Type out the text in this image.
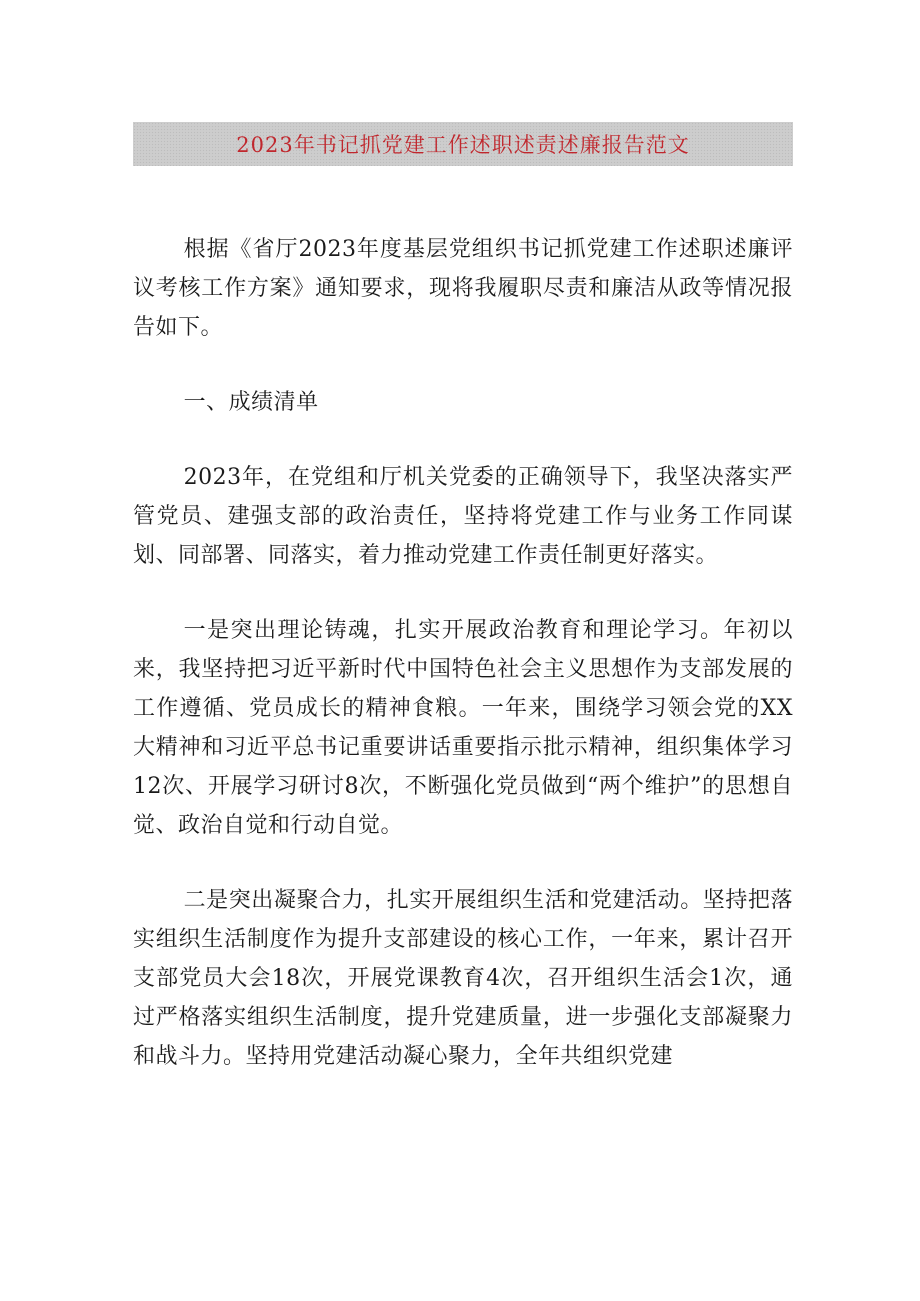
2023年书记抓党建工作述职述责述廉报告范文

根据《省厅2023年度基层党组织书记抓党建工作述职述廉评议考核工作方案》通知要求，现将我履职尽责和廉洁从政等情况报告如下。

一、成绩清单

2023年，在党组和厅机关党委的正确领导下，我坚决落实严管党员、建强支部的政治责任，坚持将党建工作与业务工作同谋划、同部署、同落实，着力推动党建工作责任制更好落实。

一是突出理论铸魂，扎实开展政治教育和理论学习。年初以来，我坚持把习近平新时代中国特色社会主义思想作为支部发展的工作遵循、党员成长的精神食粮。一年来，围绕学习领会党的XX大精神和习近平总书记重要讲话重要指示批示精神，组织集体学习12次、开展学习研讨8次，不断强化党员做到“两个维护”的思想自觉、政治自觉和行动自觉。

二是突出凝聚合力，扎实开展组织生活和党建活动。坚持把落实组织生活制度作为提升支部建设的核心工作，一年来，累计召开支部党员大会18次，开展党课教育4次，召开组织生活会1次，通过严格落实组织生活制度，提升党建质量，进一步强化支部凝聚力和战斗力。坚持用党建活动凝心聚力，全年共组织党建
